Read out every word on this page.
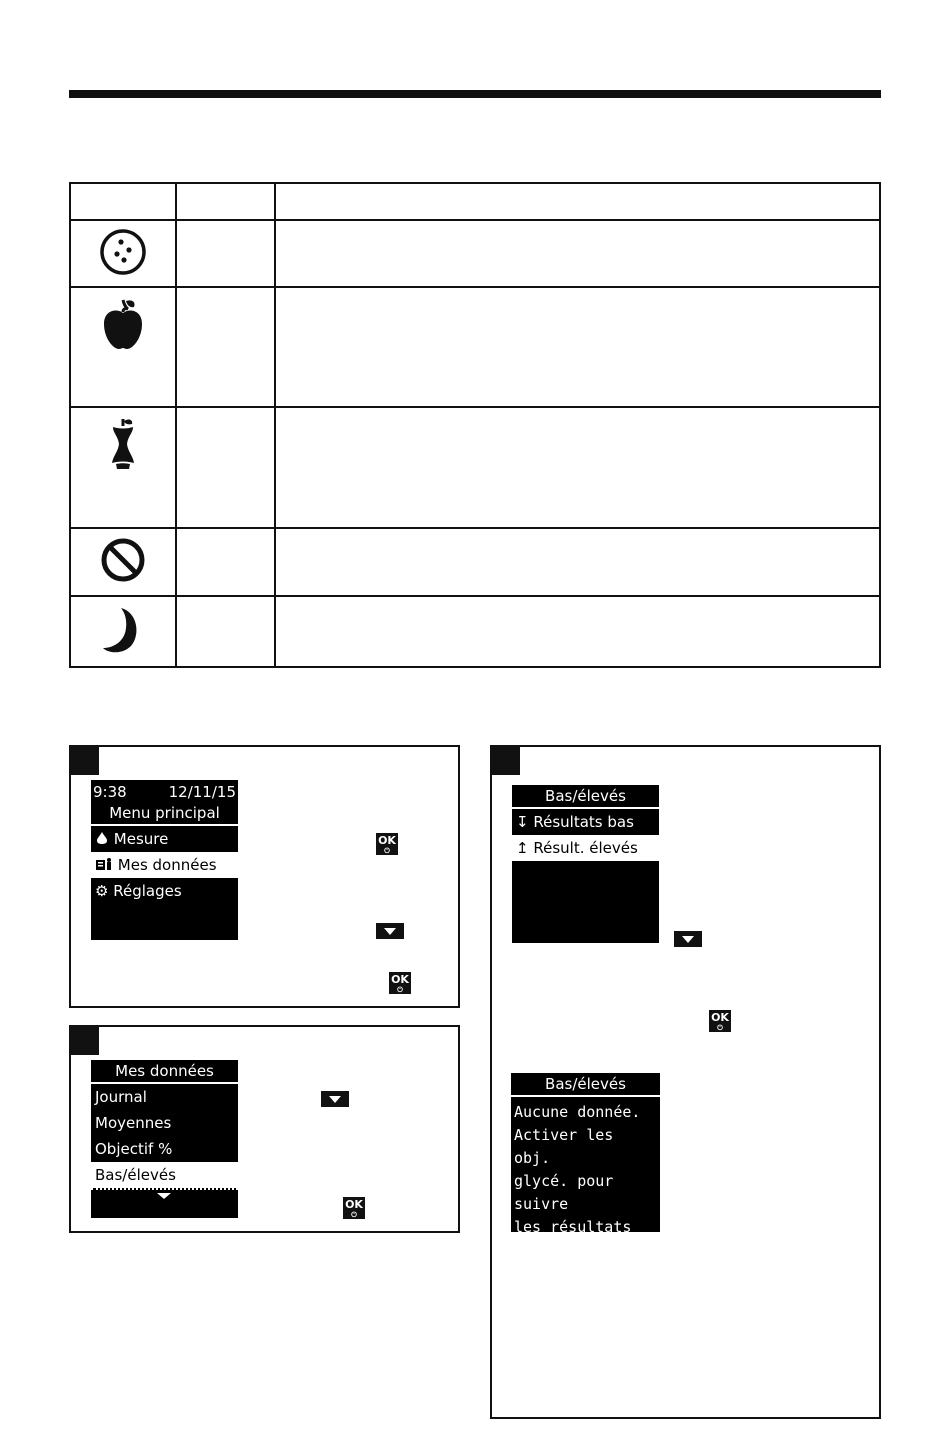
9:38	12/11/15
Menu principal
Mesure
Mes données
⚙ Réglages
OK
⏻
OK
⏻
Mes données
Journal
Moyennes
Objectif %
Bas/élevés
OK
⏻
Bas/élevés
↧ Résultats bas
↥ Résult. élevés
OK
⏻
Bas/élevés
Aucune donnée.
Activer les obj.
glycé. pour suivre
les résultats
bas/élevés.
